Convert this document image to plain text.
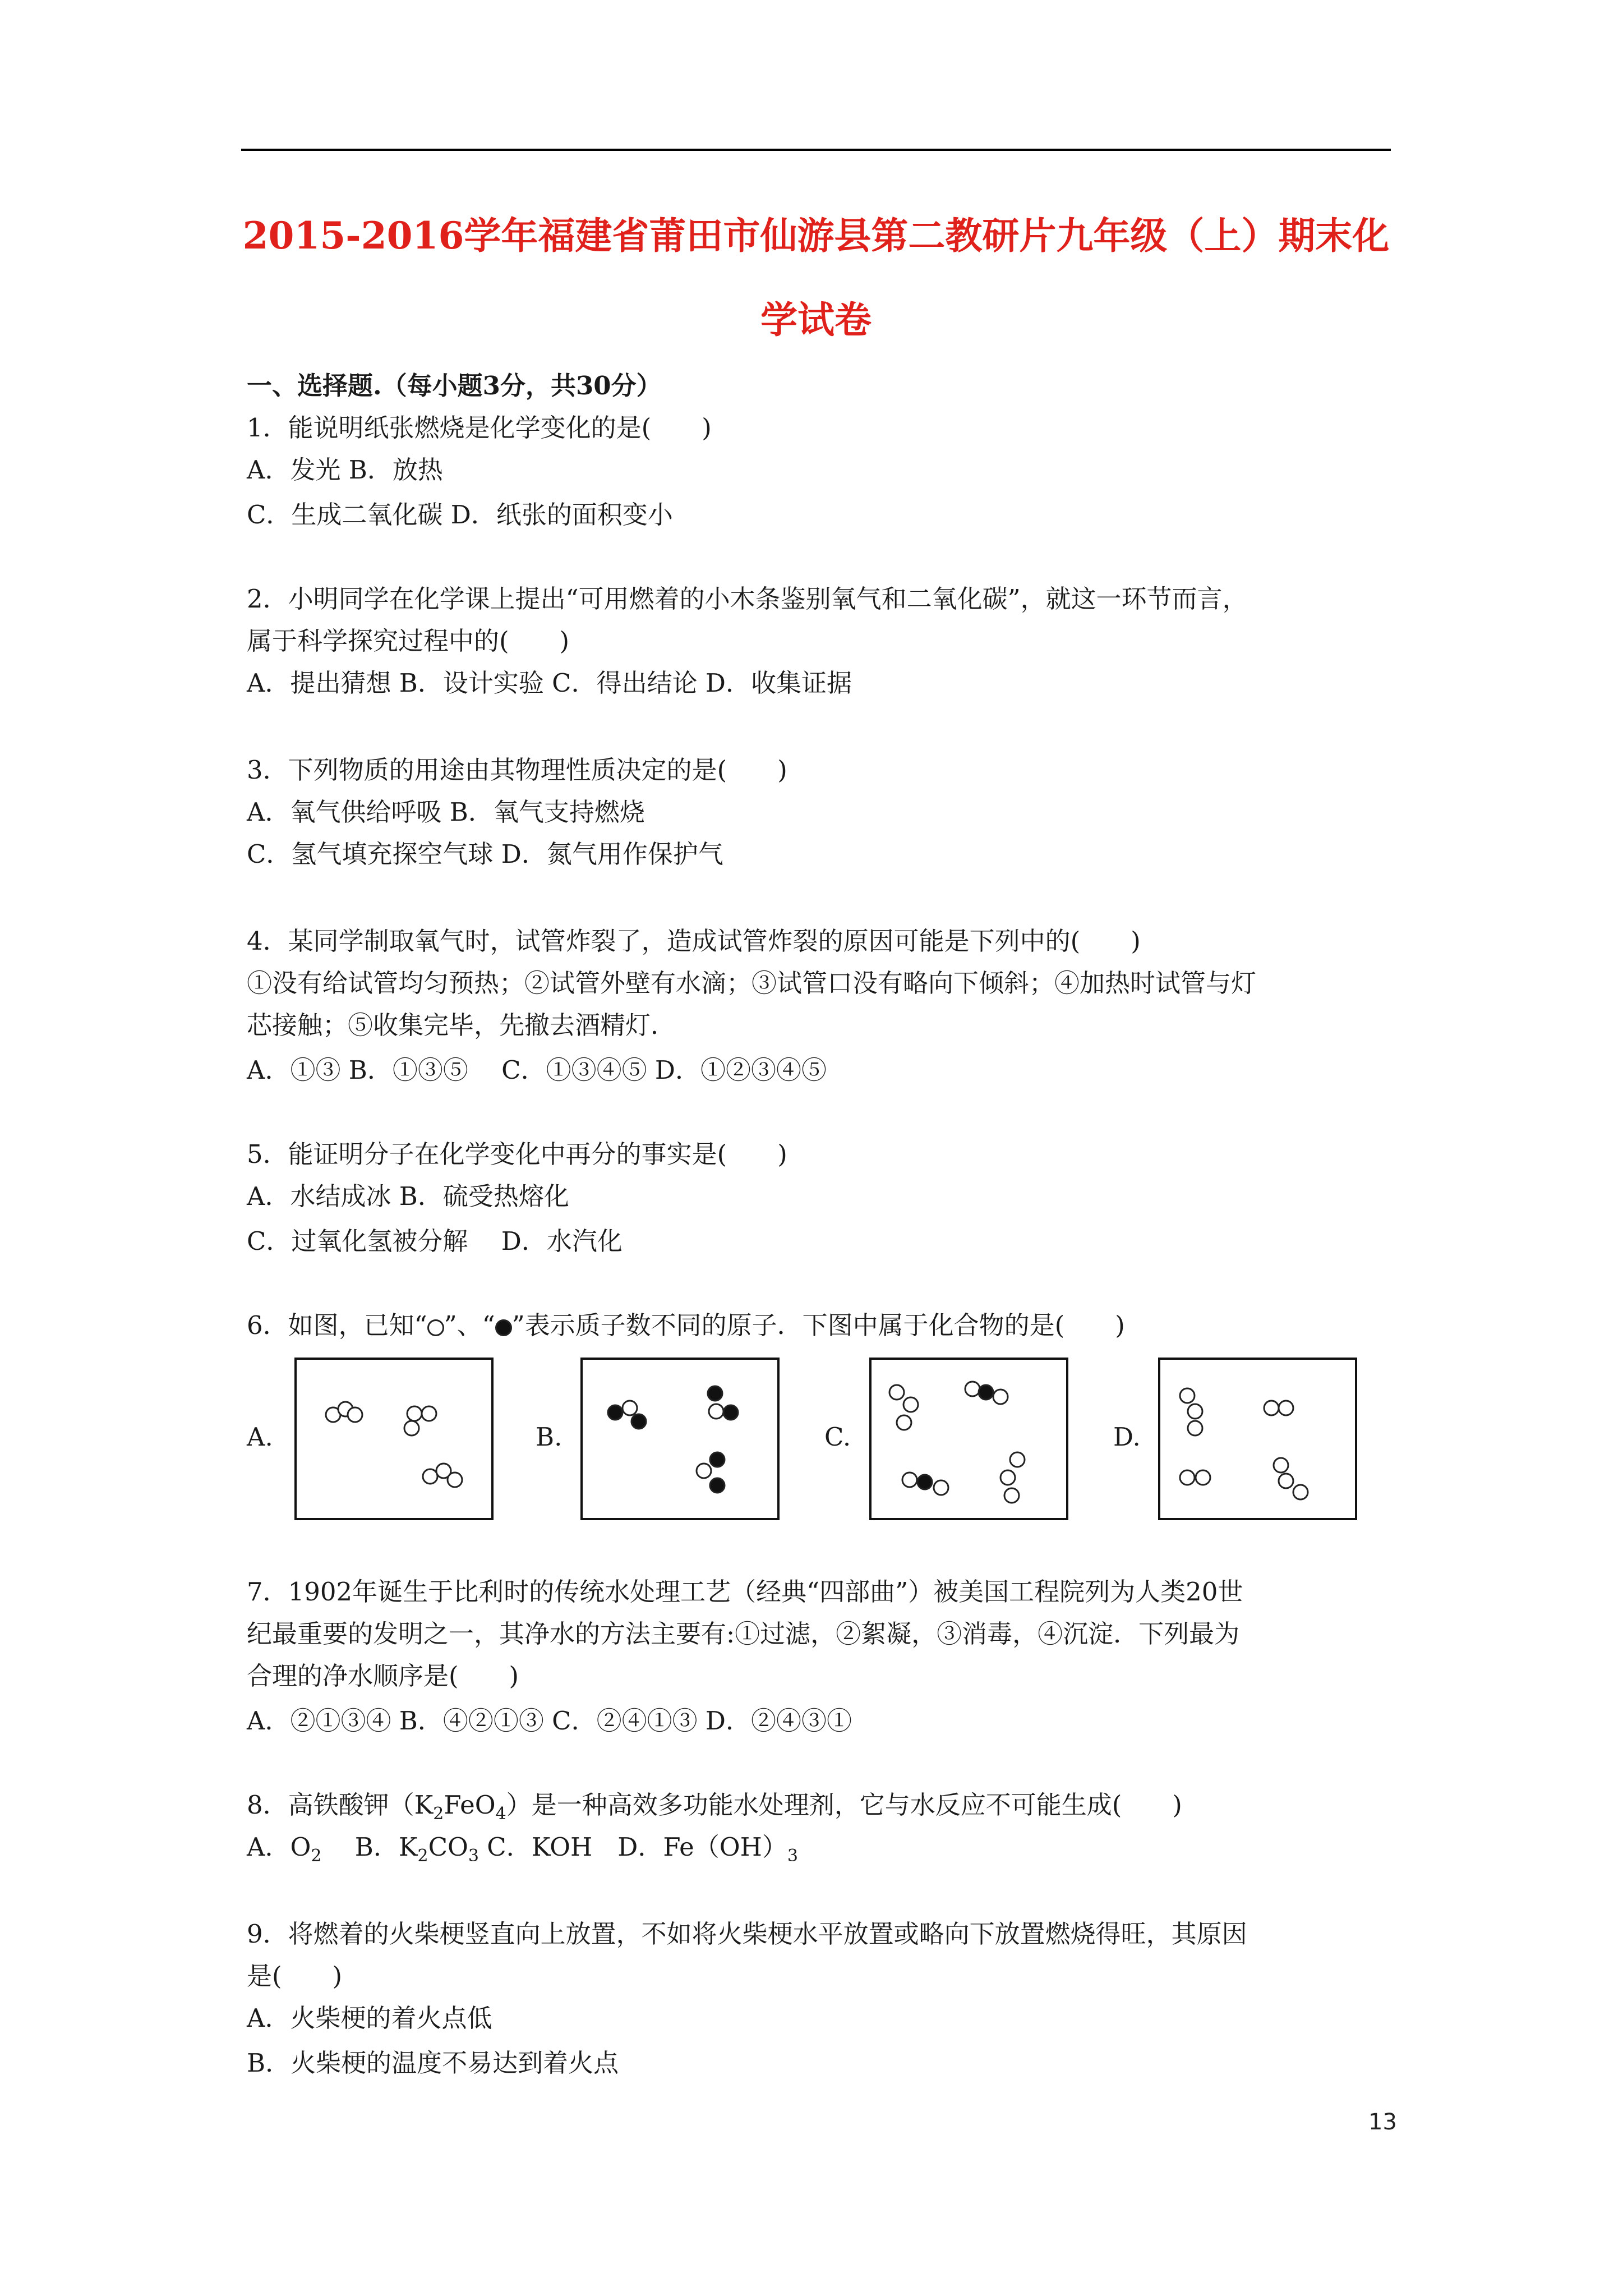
2015-2016学年福建省莆田市仙游县第二教研片九年级（上）期末化
学试卷
一、选择题.（每小题3分，共30分）
1．能说明纸张燃烧是化学变化的是(　　)
A．发光 B．放热
C．生成二氧化碳 D．纸张的面积变小
2．小明同学在化学课上提出“可用燃着的小木条鉴别氧气和二氧化碳”，就这一环节而言，
属于科学探究过程中的(　　)
A．提出猜想 B．设计实验 C．得出结论 D．收集证据
3．下列物质的用途由其物理性质决定的是(　　)
A．氧气供给呼吸 B．氧气支持燃烧
C．氢气填充探空气球 D．氮气用作保护气
4．某同学制取氧气时，试管炸裂了，造成试管炸裂的原因可能是下列中的(　　)
①没有给试管均匀预热；②试管外壁有水滴；③试管口没有略向下倾斜；④加热时试管与灯
芯接触；⑤收集完毕，先撤去酒精灯．
A．①③ B．①③⑤　 C．①③④⑤ D．①②③④⑤
5．能证明分子在化学变化中再分的事实是(　　)
A．水结成冰 B．硫受热熔化
C．过氧化氢被分解　 D．水汽化
6．如图，已知“ ”、“ ”表示质子数不同的原子．下图中属于化合物的是(　　)
A.	B.	C.	D.
7．1902年诞生于比利时的传统水处理工艺（经典“四部曲”）被美国工程院列为人类20世
纪最重要的发明之一，其净水的方法主要有:①过滤，②絮凝，③消毒，④沉淀．下列最为
合理的净水顺序是(　　)
A．②①③④ B．④②①③ C．②④①③ D．②④③①
8．高铁酸钾$(K_2FeO_4)$是一种高效多功能水处理剂，它与水反应不可能生成(　　)
A．$O_2$　 B．$K_2CO_3$ C．KOH　D．$Fe(OH)_3$
9．将燃着的火柴梗竖直向上放置，不如将火柴梗水平放置或略向下放置燃烧得旺，其原因
是(　　)
A．火柴梗的着火点低
B．火柴梗的温度不易达到着火点
13
